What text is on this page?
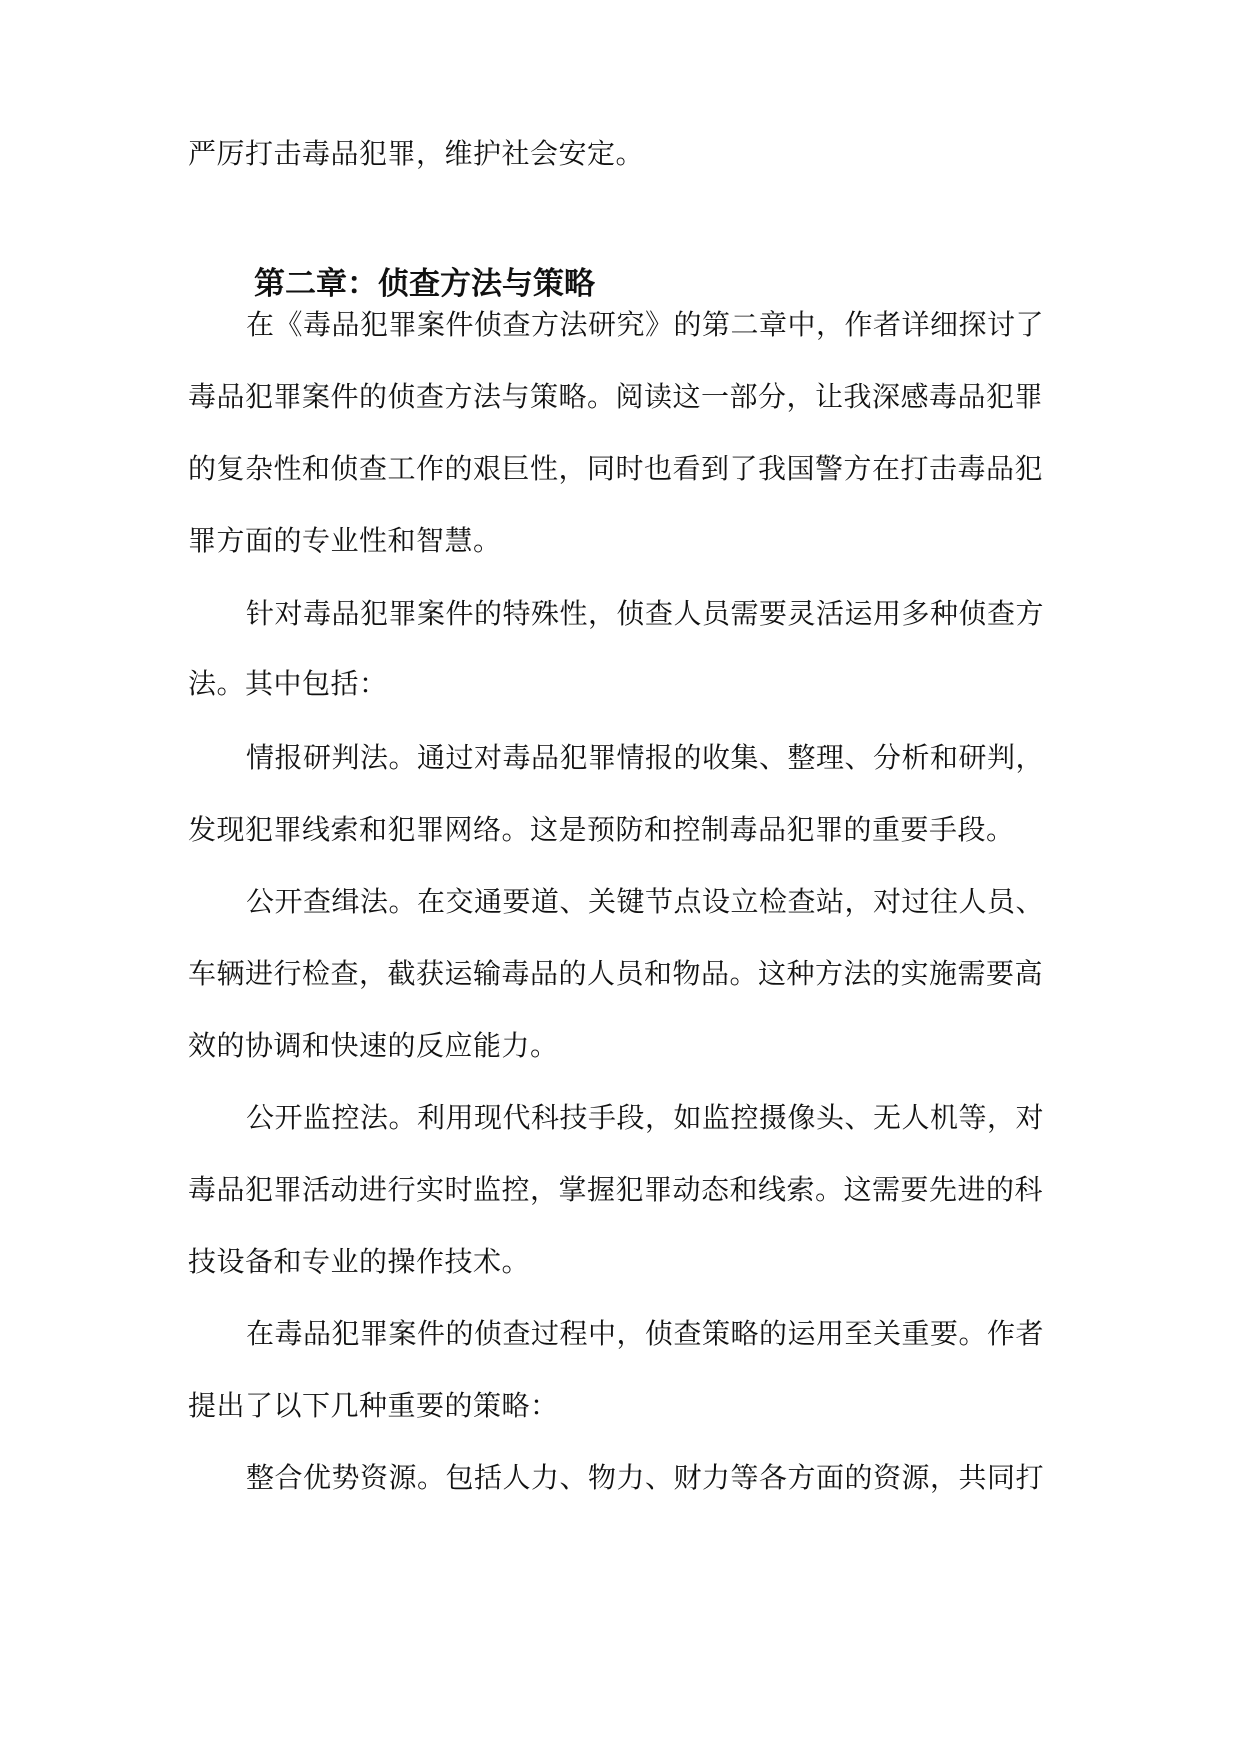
严厉打击毒品犯罪，维护社会安定。
第二章：侦查方法与策略
在《毒品犯罪案件侦查方法研究》的第二章中，作者详细探讨了
毒品犯罪案件的侦查方法与策略。阅读这一部分，让我深感毒品犯罪
的复杂性和侦查工作的艰巨性，同时也看到了我国警方在打击毒品犯
罪方面的专业性和智慧。
针对毒品犯罪案件的特殊性，侦查人员需要灵活运用多种侦查方
法。其中包括：
情报研判法。通过对毒品犯罪情报的收集、整理、分析和研判，
发现犯罪线索和犯罪网络。这是预防和控制毒品犯罪的重要手段。
公开查缉法。在交通要道、关键节点设立检查站，对过往人员、
车辆进行检查，截获运输毒品的人员和物品。这种方法的实施需要高
效的协调和快速的反应能力。
公开监控法。利用现代科技手段，如监控摄像头、无人机等，对
毒品犯罪活动进行实时监控，掌握犯罪动态和线索。这需要先进的科
技设备和专业的操作技术。
在毒品犯罪案件的侦查过程中，侦查策略的运用至关重要。作者
提出了以下几种重要的策略：
整合优势资源。包括人力、物力、财力等各方面的资源，共同打
